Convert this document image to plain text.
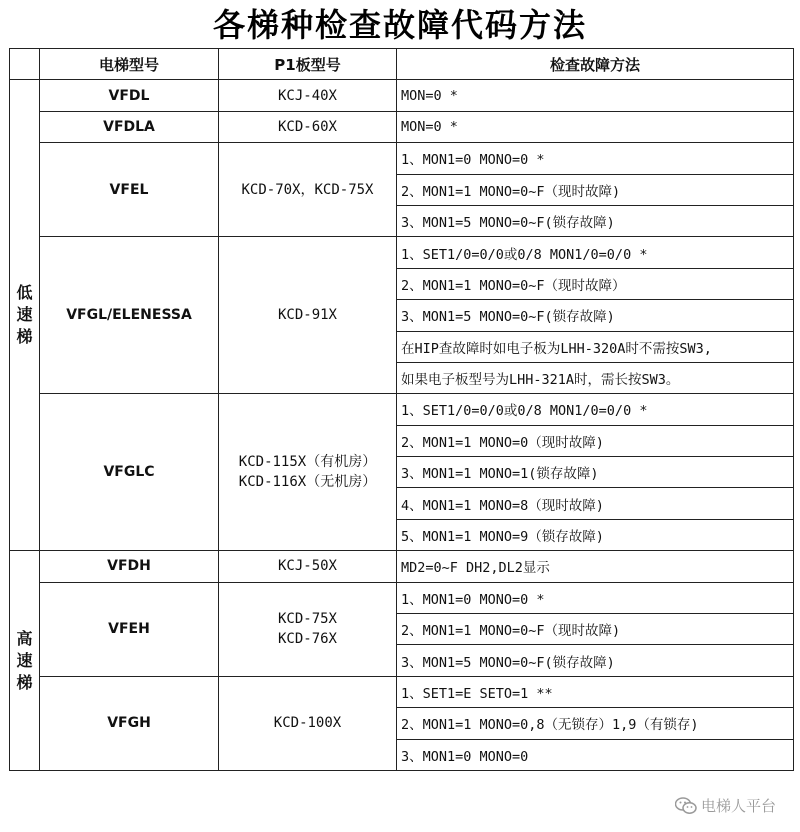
各梯种检查故障代码方法
	电梯型号	P1板型号	检查故障方法

低
速
梯	VFDL	KCJ-40X	MON=0 *
	VFDLA	KCD-60X	MON=0 *
	VFEL	KCD-70X，KCD-75X	1、MON1=0 MONO=0 *
			2、MON1=1 MONO=0~F（现时故障)
			3、MON1=5 MONO=0~F(锁存故障)
	VFGL/ELENESSA	KCD-91X	1、SET1/0=0/0或0/8 MON1/0=0/0 *
			2、MON1=1 MONO=0~F（现时故障）
			3、MON1=5 MONO=0~F(锁存故障)
			在HIP查故障时如电子板为LHH-320A时不需按SW3,
			如果电子板型号为LHH-321A时，需长按SW3。
	VFGLC	KCD-115X（有机房）
KCD-116X（无机房）	1、SET1/0=0/0或0/8 MON1/0=0/0 *
			2、MON1=1 MONO=0（现时故障)
			3、MON1=1 MONO=1(锁存故障)
			4、MON1=1 MONO=8（现时故障)
			5、MON1=1 MONO=9（锁存故障)

高
速
梯	VFDH	KCJ-50X	MD2=0~F DH2,DL2显示
	VFEH	KCD-75X
KCD-76X	1、MON1=0 MONO=0 *
			2、MON1=1 MONO=0~F（现时故障)
			3、MON1=5 MONO=0~F(锁存故障)
	VFGH	KCD-100X	1、SET1=E SETO=1 **
			2、MON1=1 MONO=0,8（无锁存）1,9（有锁存)
			3、MON1=0 MONO=0
电梯人平台
